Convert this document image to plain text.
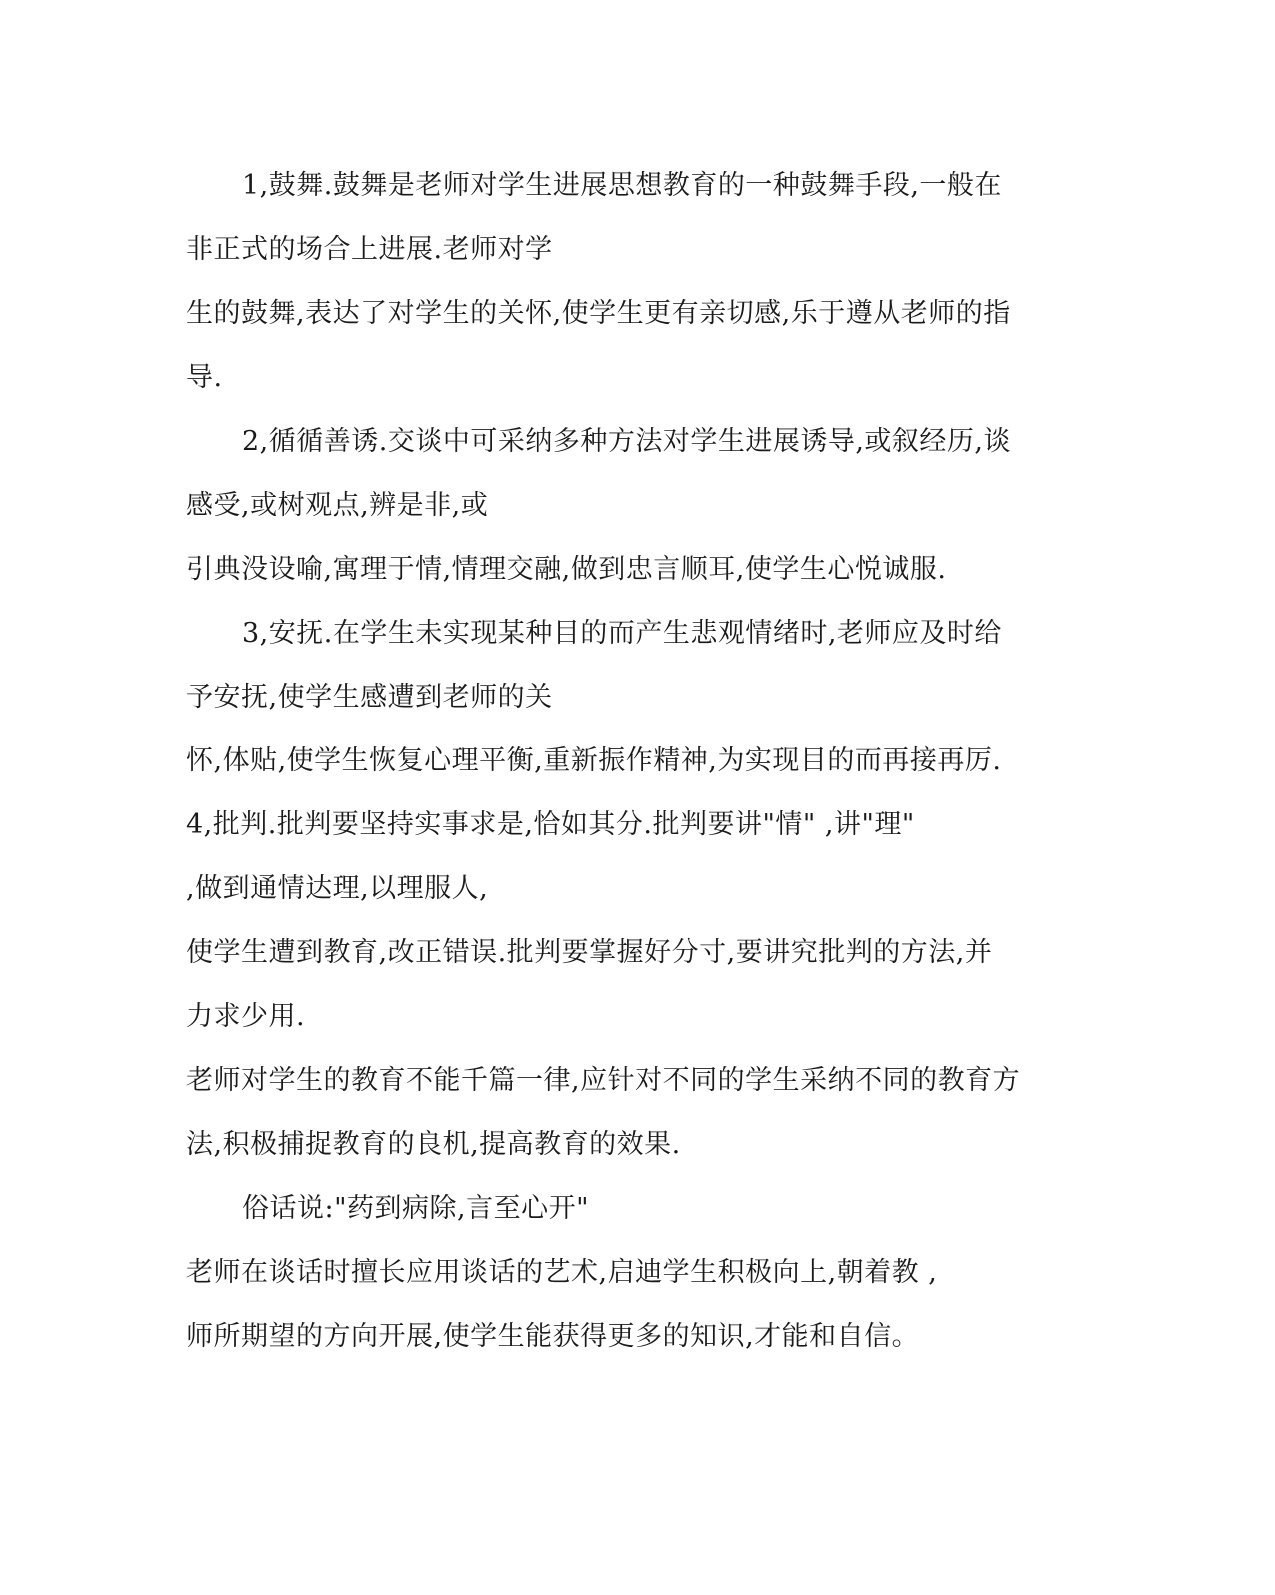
1,鼓舞.鼓舞是老师对学生进展思想教育的一种鼓舞手段,一般在

非正式的场合上进展.老师对学

生的鼓舞,表达了对学生的关怀,使学生更有亲切感,乐于遵从老师的指

导.

2,循循善诱.交谈中可采纳多种方法对学生进展诱导,或叙经历,谈

感受,或树观点,辨是非,或

引典没设喻,寓理于情,情理交融,做到忠言顺耳,使学生心悦诚服.

3,安抚.在学生未实现某种目的而产生悲观情绪时,老师应及时给

予安抚,使学生感遭到老师的关

怀,体贴,使学生恢复心理平衡,重新振作精神,为实现目的而再接再厉.

4,批判.批判要坚持实事求是,恰如其分.批判要讲"情" ,讲"理"

,做到通情达理,以理服人,

使学生遭到教育,改正错误.批判要掌握好分寸,要讲究批判的方法,并

力求少用.

老师对学生的教育不能千篇一律,应针对不同的学生采纳不同的教育方

法,积极捕捉教育的良机,提高教育的效果.

俗话说:"药到病除,言至心开"

老师在谈话时擅长应用谈话的艺术,启迪学生积极向上,朝着教 ,

师所期望的方向开展,使学生能获得更多的知识,才能和自信。
